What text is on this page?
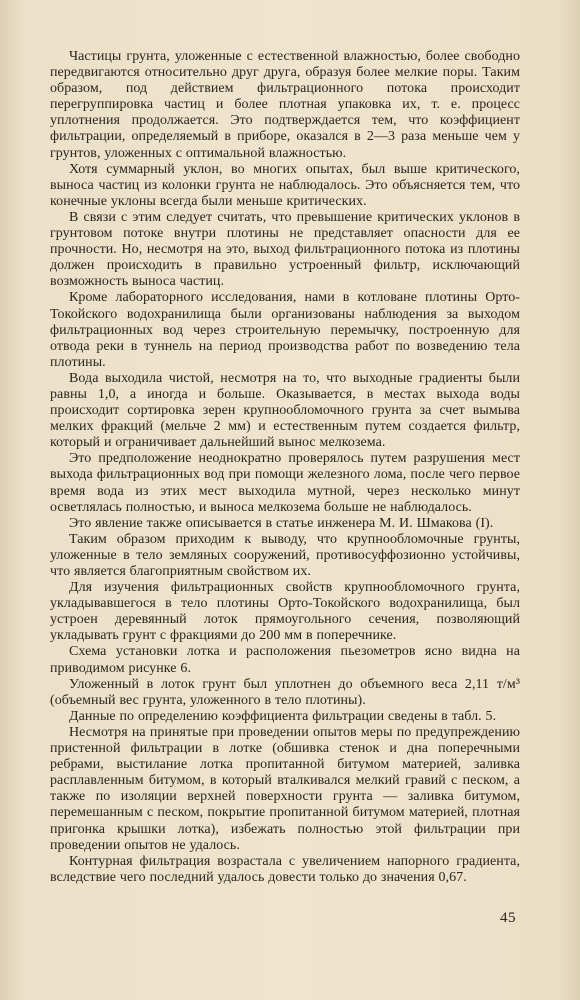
Частицы грунта, уложенные с естественной влажностью, более свободно передвигаются относительно друг друга, образуя более мелкие поры. Таким образом, под действием фильтрационного потока происходит перегруппировка частиц и более плотная упаковка их, т. е. процесс уплотнения продолжается. Это подтверждается тем, что коэффициент фильтрации, определяемый в приборе, оказался в 2—3 раза меньше чем у грунтов, уложенных с оптимальной влажностью.

Хотя суммарный уклон, во многих опытах, был выше критического, выноса частиц из колонки грунта не наблюдалось. Это объясняется тем, что конечные уклоны всегда были меньше критических.

В связи с этим следует считать, что превышение критических уклонов в грунтовом потоке внутри плотины не представляет опасности для ее прочности. Но, несмотря на это, выход фильтрационного потока из плотины должен происходить в правильно устроенный фильтр, исключающий возможность выноса частиц.

Кроме лабораторного исследования, нами в котловане плотины Орто-Токойского водохранилища были организованы наблюдения за выходом фильтрационных вод через строительную перемычку, построенную для отвода реки в туннель на период производства работ по возведению тела плотины.

Вода выходила чистой, несмотря на то, что выходные градиенты были равны 1,0, а иногда и больше. Оказывается, в местах выхода воды происходит сортировка зерен крупнообломочного грунта за счет вымыва мелких фракций (мельче 2 мм) и естественным путем создается фильтр, который и ограничивает дальнейший вынос мелкозема.

Это предположение неоднократно проверялось путем разрушения мест выхода фильтрационных вод при помощи железного лома, после чего первое время вода из этих мест выходила мутной, через несколько минут осветлялась полностью, и выноса мелкозема больше не наблюдалось.

Это явление также описывается в статье инженера М. И. Шмакова (I).

Таким образом приходим к выводу, что крупнообломочные грунты, уложенные в тело земляных сооружений, противосуффозионно устойчивы, что является благоприятным свойством их.

Для изучения фильтрационных свойств крупнообломочного грунта, укладывавшегося в тело плотины Орто-Токойского водохранилища, был устроен деревянный лоток прямоугольного сечения, позволяющий укладывать грунт с фракциями до 200 мм в поперечнике.

Схема установки лотка и расположения пьезометров ясно видна на приводимом рисунке 6.

Уложенный в лоток грунт был уплотнен до объемного веса 2,11 т/м³ (объемный вес грунта, уложенного в тело плотины).

Данные по определению коэффициента фильтрации сведены в табл. 5.

Несмотря на принятые при проведении опытов меры по предупреждению пристенной фильтрации в лотке (обшивка стенок и дна поперечными ребрами, выстилание лотка пропитанной битумом материей, заливка расплавленным битумом, в который вталкивался мелкий гравий с песком, а также по изоляции верхней поверхности грунта — заливка битумом, перемешанным с песком, покрытие пропитанной битумом материей, плотная пригонка крышки лотка), избежать полностью этой фильтрации при проведении опытов не удалось.

Контурная фильтрация возрастала с увеличением напорного градиента, вследствие чего последний удалось довести только до значения 0,67.

45
